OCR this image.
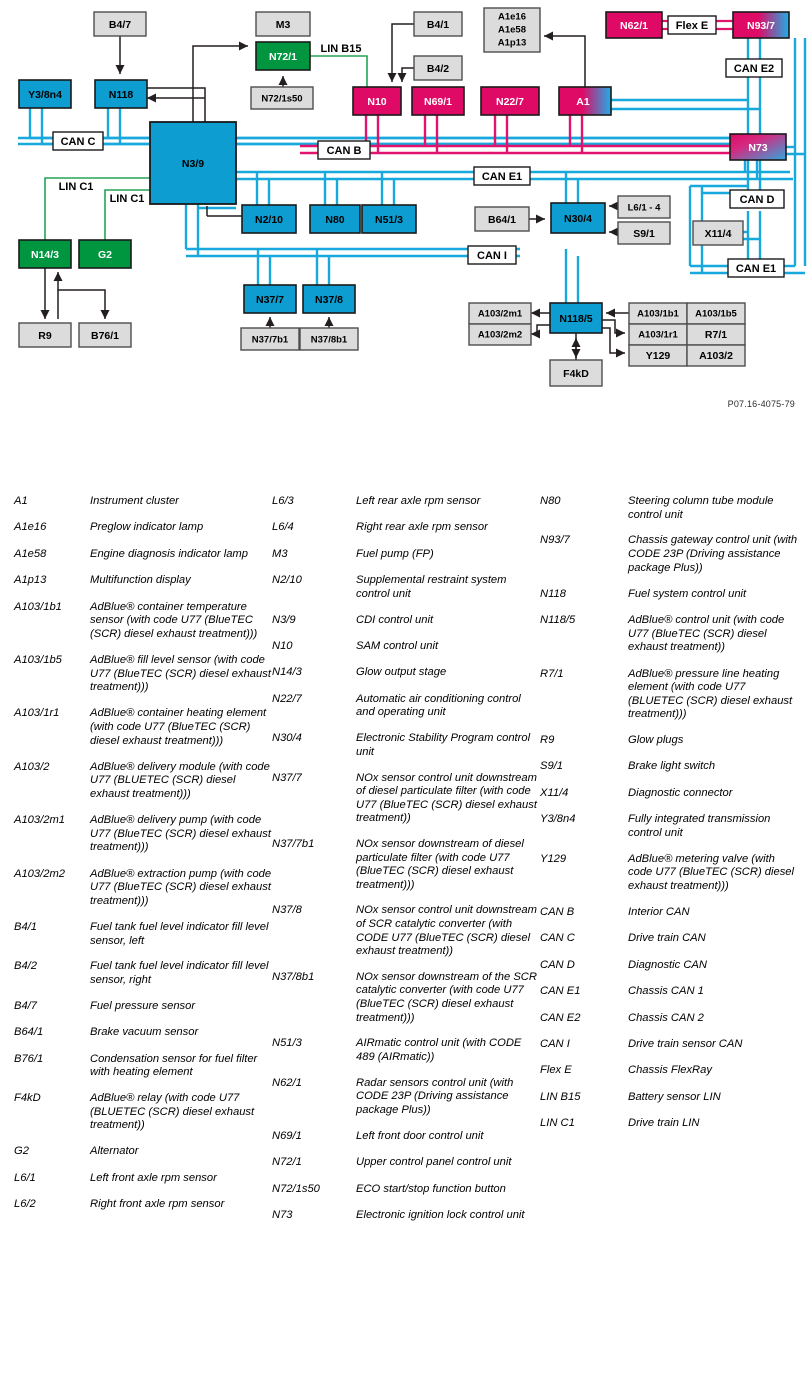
Y3/8n4
B4/7
N118
N3/9
M3
N72/1
N72/1s50	N10
B4/1
B4/2
A1e16
A1e58
A1p13
N69/1	N22/7	A1
N62/1	Flex E	N93/7
CAN E2
N73
CAN C
CAN B
CAN E1
CAN D
CAN I
CAN E1
LIN C1
LIN C1
LIN B15
N14/3	G2
R9	B76/1
N2/10	N80	N51/3
N37/7	N37/8
N37/7b1 N37/8b1
B64/1	N30/4
L6/1 - 4
S9/1	X11/4
A103/2m1
A103/2m2
N118/5
F4kD
A103/1b1 A103/1b5
A103/1r1	R7/1
Y129	A103/2
P07.16-4075-79
A1	Instrument cluster
A1e16	Preglow indicator lamp
A1e58	Engine diagnosis indicator lamp
A1p13	Multifunction display
A103/1b1	AdBlue® container temperature sensor (with code U77 (BlueTEC (SCR) diesel exhaust treatment)))
A103/1b5	AdBlue® fill level sensor (with code U77 (BlueTEC (SCR) diesel exhaust treatment)))
A103/1r1	AdBlue® container heating element (with code U77 (BlueTEC (SCR) diesel exhaust treatment)))
A103/2	AdBlue® delivery module (with code U77 (BLUETEC (SCR) diesel exhaust treatment)))
A103/2m1	AdBlue® delivery pump (with code U77 (BlueTEC (SCR) diesel exhaust treatment)))
A103/2m2	AdBlue® extraction pump (with code U77 (BlueTEC (SCR) diesel exhaust treatment)))
B4/1	Fuel tank fuel level indicator fill level sensor, left
B4/2	Fuel tank fuel level indicator fill level sensor, right
B4/7	Fuel pressure sensor
B64/1	Brake vacuum sensor
B76/1	Condensation sensor for fuel filter with heating element
F4kD	AdBlue® relay (with code U77 (BLUETEC (SCR) diesel exhaust treatment))
G2	Alternator
L6/1	Left front axle rpm sensor
L6/2	Right front axle rpm sensor
L6/3	Left rear axle rpm sensor
L6/4	Right rear axle rpm sensor
M3	Fuel pump (FP)
N2/10	Supplemental restraint system control unit
N3/9	CDI control unit
N10	SAM control unit
N14/3	Glow output stage
N22/7	Automatic air conditioning control and operating unit
N30/4	Electronic Stability Program control unit
N37/7	NOx sensor control unit downstream of diesel particulate filter (with code U77 (BlueTEC (SCR) diesel exhaust treatment))
N37/7b1	NOx sensor downstream of diesel particulate filter (with code U77 (BlueTEC (SCR) diesel exhaust treatment)))
N37/8	NOx sensor control unit downstream of SCR catalytic converter (with CODE U77 (BlueTEC (SCR) diesel exhaust treatment))
N37/8b1	NOx sensor downstream of the SCR catalytic converter (with code U77 (BlueTEC (SCR) diesel exhaust treatment)))
N51/3	AIRmatic control unit (with CODE 489 (AIRmatic))
N62/1	Radar sensors control unit (with CODE 23P (Driving assistance package Plus))
N69/1	Left front door control unit
N72/1	Upper control panel control unit
N72/1s50	ECO start/stop function button
N73	Electronic ignition lock control unit
N80	Steering column tube module control unit
N93/7	Chassis gateway control unit (with CODE 23P (Driving assistance package Plus))
N118	Fuel system control unit
N118/5	AdBlue® control unit (with code U77 (BlueTEC (SCR) diesel exhaust treatment))
R7/1	AdBlue® pressure line heating element (with code U77 (BLUETEC (SCR) diesel exhaust treatment)))
R9	Glow plugs
S9/1	Brake light switch
X11/4	Diagnostic connector
Y3/8n4	Fully integrated transmission control unit
Y129	AdBlue® metering valve (with code U77 (BlueTEC (SCR) diesel exhaust treatment)))
CAN B	Interior CAN
CAN C	Drive train CAN
CAN D	Diagnostic CAN
CAN E1	Chassis CAN 1
CAN E2	Chassis CAN 2
CAN I	Drive train sensor CAN
Flex E	Chassis FlexRay
LIN B15	Battery sensor LIN
LIN C1	Drive train LIN
